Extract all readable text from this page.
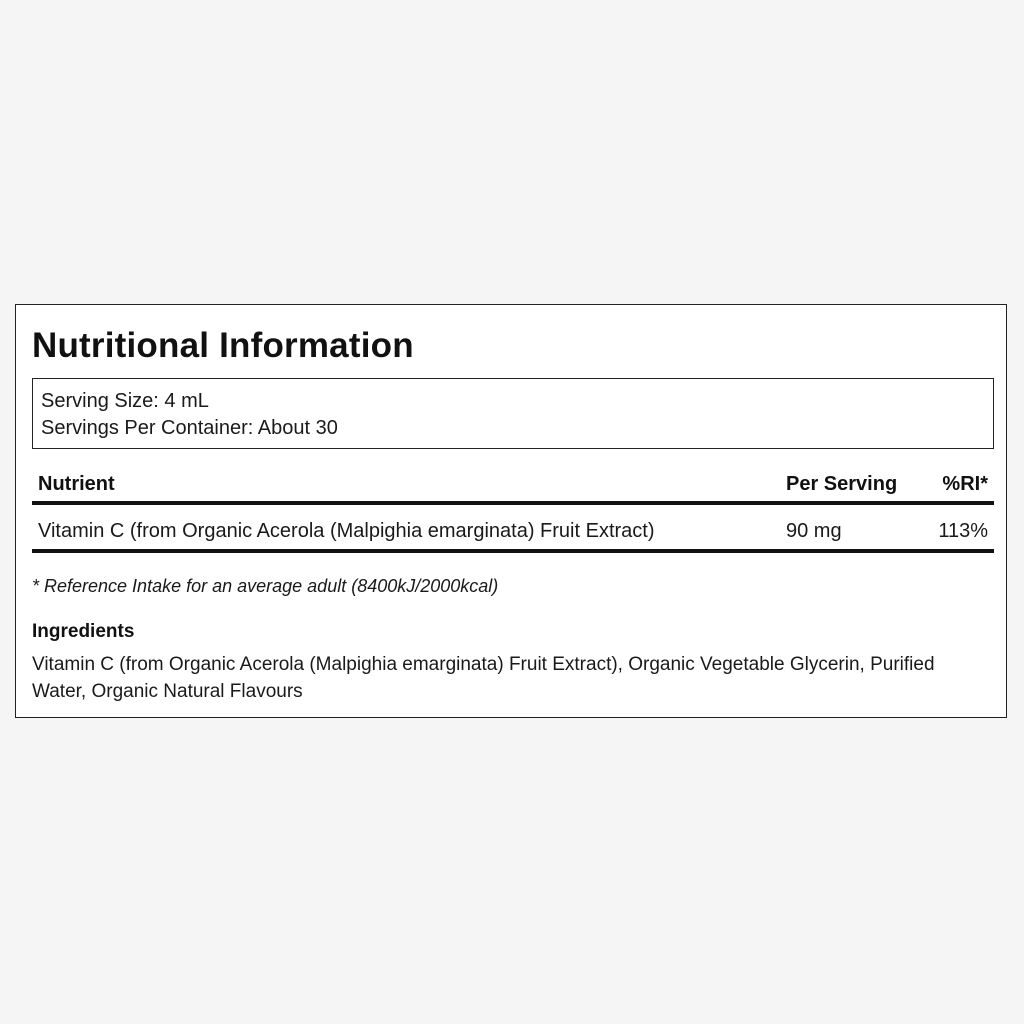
Nutritional Information
Serving Size: 4 mL
Servings Per Container: About 30
Nutrient	Per Serving %RI*
Vitamin C (from Organic Acerola (Malpighia emarginata) Fruit Extract)	90 mg	113%
* Reference Intake for an average adult (8400kJ/2000kcal)
Ingredients
Vitamin C (from Organic Acerola (Malpighia emarginata) Fruit Extract), Organic Vegetable Glycerin, Purified Water, Organic Natural Flavours
